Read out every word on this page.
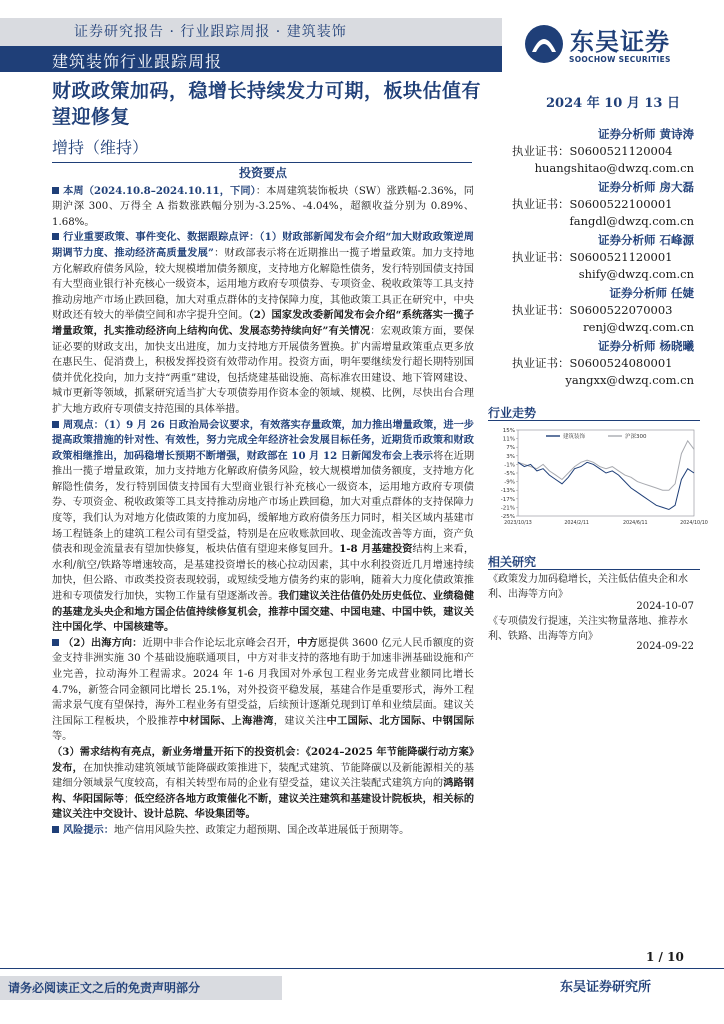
证券研究报告 · 行业跟踪周报 · 建筑装饰
建筑装饰行业跟踪周报
东吴证券
SOOCHOW SECURITIES
财政政策加码，稳增长持续发力可期，板块估值有望迎修复
增持（维持）
2024 年 10 月 13 日
投资要点

本周（2024.10.8–2024.10.11，下同）：本周建筑装饰板块（SW）涨跌幅-2.36%，同期沪深 300、万得全 A 指数涨跌幅分别为-3.25%、-4.04%，超额收益分别为 0.89%、1.68%。

行业重要政策、事件变化、数据跟踪点评：（1）财政部新闻发布会介绍“加大财政政策逆周期调节力度、推动经济高质量发展”：财政部表示将在近期推出一揽子增量政策。加力支持地方化解政府债务风险，较大规模增加债务额度，支持地方化解隐性债务，发行特别国债支持国有大型商业银行补充核心一级资本，运用地方政府专项债券、专项资金、税收政策等工具支持推动房地产市场止跌回稳，加大对重点群体的支持保障力度，其他政策工具正在研究中，中央财政还有较大的举债空间和赤字提升空间。（2）国家发改委新闻发布会介绍“系统落实一揽子增量政策，扎实推动经济向上结构向优、发展态势持续向好”有关情况：宏观政策方面，要保证必要的财政支出，加快支出进度，加力支持地方开展债务置换。扩内需增量政策重点更多放在惠民生、促消费上，积极发挥投资有效带动作用。投资方面，明年要继续发行超长期特别国债并优化投向，加力支持“两重”建设，包括烧建基础设施、高标准农田建设、地下管网建设、城市更新等领域，抓紧研究适当扩大专项债券用作资本金的领域、规模、比例，尽快出台合理扩大地方政府专项债支持范围的具体举措。

周观点：（1）9 月 26 日政治局会议要求，有效落实存量政策，加力推出增量政策，进一步提高政策措施的针对性、有效性，努力完成全年经济社会发展目标任务，近期货币政策和财政政策相继推出，加码稳增长预期不断增强，财政部在 10 月 12 日新闻发布会上表示将在近期推出一揽子增量政策，加力支持地方化解政府债务风险，较大规模增加债务额度，支持地方化解隐性债务，发行特别国债支持国有大型商业银行补充核心一级资本，运用地方政府专项债券、专项资金、税收政策等工具支持推动房地产市场止跌回稳，加大对重点群体的支持保障力度等，我们认为对地方化债政策的力度加码，缓解地方政府债务压力同时，相关区域内基建市场工程链条上的建筑工程公司有望受益，特别是在应收账款回收、现金流改善等方面，资产负债表和现金流量表有望加快修复，板块估值有望迎来修复回升。1-8 月基建投资结构上来看，水利/航空/铁路等增速较高，是基建投资增长的核心拉动因素，其中水利投资近几月增速持续加快，但公路、市政类投资表现较弱，或短续受地方债务约束的影响，随着大力度化债政策推进和专项债发行加快，实物工作量有望逐渐改善。我们建议关注估值仍处历史低位、业绩稳健的基建龙头央企和地方国企估值持续修复机会，推荐中国交建、中国电建、中国中铁，建议关注中国化学、中国核建等。

（2）出海方向：近期中非合作论坛北京峰会召开，中方愿提供 3600 亿元人民币额度的资金支持非洲实施 30 个基础设施联通项目，中方对非支持的落地有助于加速非洲基础设施和产业完善，拉动海外工程需求。2024 年 1-6 月我国对外承包工程业务完成营业额同比增长 4.7%，新签合同金额同比增长 25.1%，对外投资平稳发展，基建合作是重要形式，海外工程需求景气度有望保持，海外工程业务有望受益，后续预计逐渐兑现到订单和业绩层面。建议关注国际工程板块，个股推荐中材国际、上海港湾，建议关注中工国际、北方国际、中钢国际等。

（3）需求结构有亮点，新业务增量开拓下的投资机会：《2024–2025 年节能降碳行动方案》发布，在加快推动建筑领域节能降碳政策推进下，装配式建筑、节能降碳以及新能源相关的基建细分领域景气度较高，有相关转型布局的企业有望受益，建议关注装配式建筑方向的鸿路钢构、华阳国际等；低空经济各地方政策催化不断，建议关注建筑和基建设计院板块，相关标的建议关注中交设计、设计总院、华设集团等。

风险提示：地产信用风险失控、政策定力超预期、国企改革进展低于预期等。

证券分析师 黄诗涛
执业证书：S0600521120004
huangshitao@dwzq.com.cn
证券分析师 房大磊
执业证书：S0600522100001
fangdl@dwzq.com.cn
证券分析师 石峰源
执业证书：S0600521120001
shify@dwzq.com.cn
证券分析师 任婕
执业证书：S0600522070003
renj@dwzq.com.cn
证券分析师 杨晓曦
执业证书：S0600524080001
yangxx@dwzq.com.cn
行业走势
15%
11%
7%
3%
-1%
-5%
-9%
-13%
-17%
-21%
-25%
2023/10/13	2024/2/11	2024/6/11	2024/10/10
建筑装饰	沪深300
相关研究
《政策发力加码稳增长，关注低估值央企和水利、出海等方向》
2024-10-07
《专项债发行提速，关注实物量落地、推荐水利、铁路、出海等方向》
2024-09-22
1 / 10
请务必阅读正文之后的免责声明部分	东吴证券研究所
